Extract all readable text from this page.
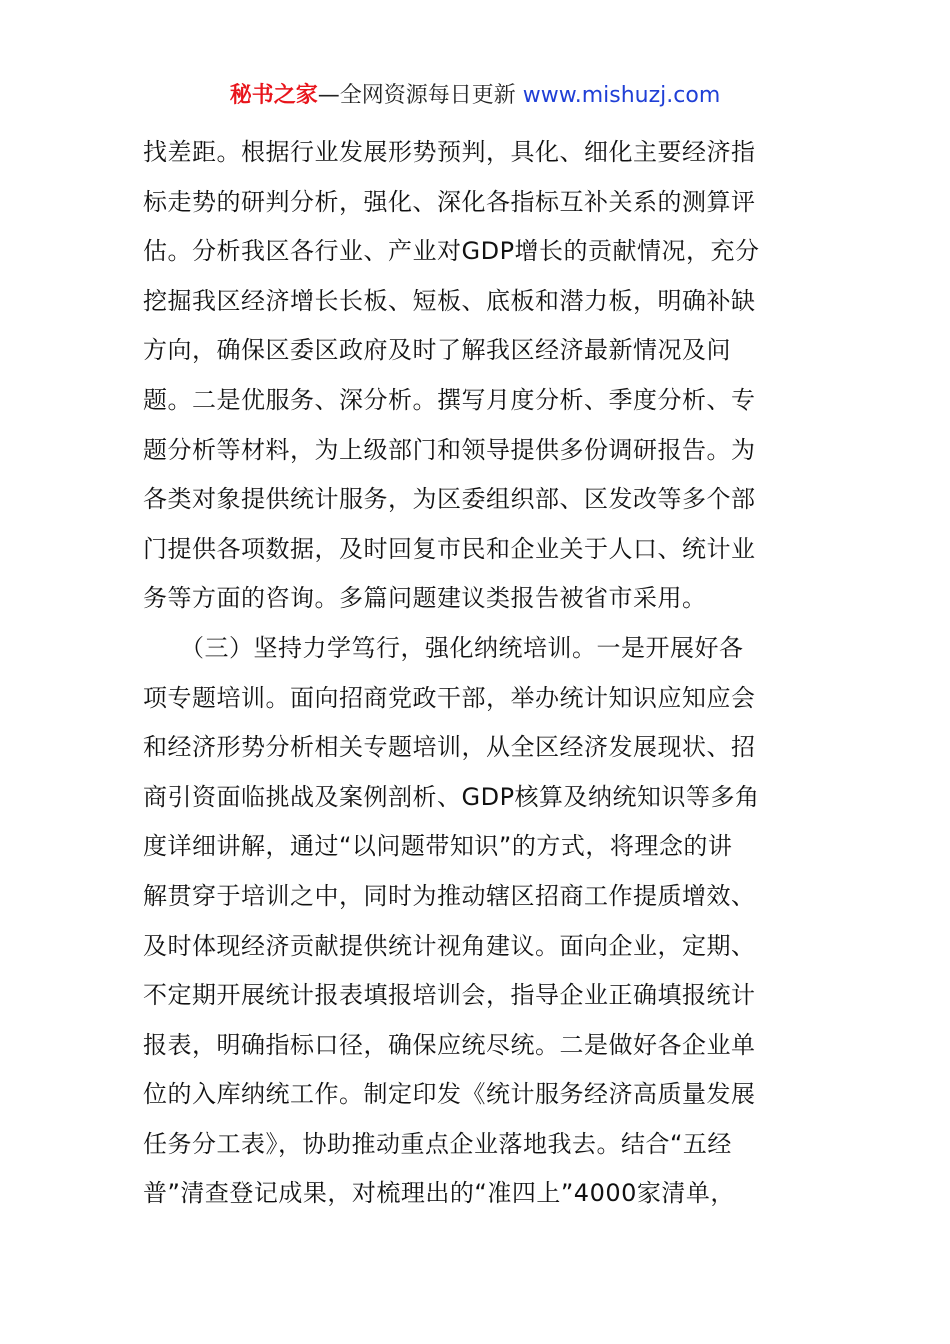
秘书之家—全网资源每日更新 www.mishuzj.com
找差距。根据行业发展形势预判，具化、细化主要经济指
标走势的研判分析，强化、深化各指标互补关系的测算评
估。分析我区各行业、产业对GDP增长的贡献情况，充分
挖掘我区经济增长长板、短板、底板和潜力板，明确补缺
方向，确保区委区政府及时了解我区经济最新情况及问
题。二是优服务、深分析。撰写月度分析、季度分析、专
题分析等材料，为上级部门和领导提供多份调研报告。为
各类对象提供统计服务，为区委组织部、区发改等多个部
门提供各项数据，及时回复市民和企业关于人口、统计业
务等方面的咨询。多篇问题建议类报告被省市采用。
　　（三）坚持力学笃行，强化纳统培训。一是开展好各
项专题培训。面向招商党政干部，举办统计知识应知应会
和经济形势分析相关专题培训，从全区经济发展现状、招
商引资面临挑战及案例剖析、GDP核算及纳统知识等多角
度详细讲解，通过“以问题带知识”的方式，将理念的讲
解贯穿于培训之中，同时为推动辖区招商工作提质增效、
及时体现经济贡献提供统计视角建议。面向企业，定期、
不定期开展统计报表填报培训会，指导企业正确填报统计
报表，明确指标口径，确保应统尽统。二是做好各企业单
位的入库纳统工作。制定印发《统计服务经济高质量发展
任务分工表》，协助推动重点企业落地我去。结合“五经
普”清查登记成果，对梳理出的“准四上”4000家清单，
